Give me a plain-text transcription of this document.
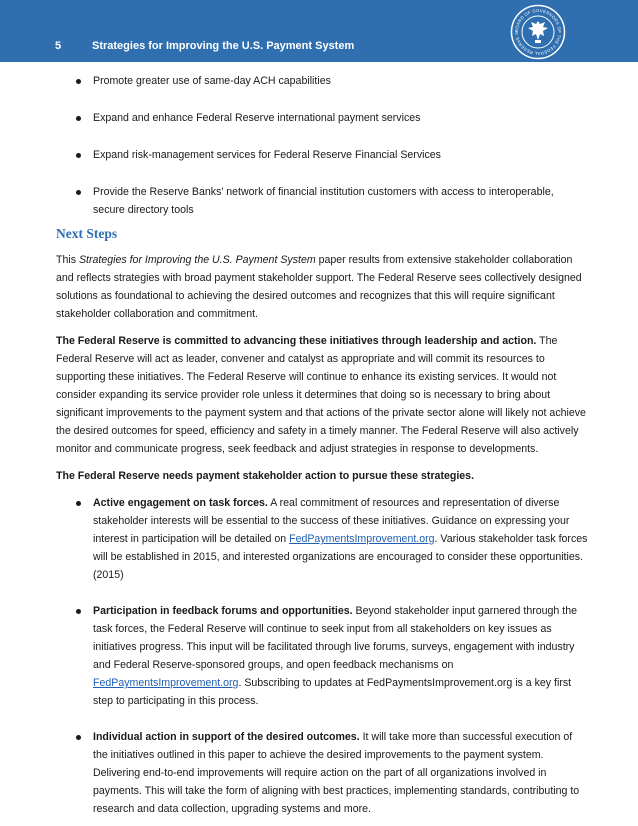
5	Strategies for Improving the U.S. Payment System
BOARD OF GOVERNORS OF THE FEDERAL RESERVE S
Promote greater use of same-day ACH capabilities
Expand and enhance Federal Reserve international payment services
Expand risk-management services for Federal Reserve Financial Services
Provide the Reserve Banks’ network of financial institution customers with access to interoperable, secure directory tools
Next Steps

This Strategies for Improving the U.S. Payment System paper results from extensive stakeholder collaboration and reflects strategies with broad payment stakeholder support. The Federal Reserve sees collectively designed solutions as foundational to achieving the desired outcomes and recognizes that this will require significant stakeholder collaboration and commitment.

The Federal Reserve is committed to advancing these initiatives through leadership and action. The Federal Reserve will act as leader, convener and catalyst as appropriate and will commit its resources to supporting these initiatives. The Federal Reserve will continue to enhance its existing services. It would not consider expanding its service provider role unless it determines that doing so is necessary to bring about significant improvements to the payment system and that actions of the private sector alone will likely not achieve the desired outcomes for speed, efficiency and safety in a timely manner. The Federal Reserve will also actively monitor and communicate progress, seek feedback and adjust strategies in response to developments.

The Federal Reserve needs payment stakeholder action to pursue these strategies.

Active engagement on task forces. A real commitment of resources and representation of diverse stakeholder interests will be essential to the success of these initiatives. Guidance on expressing your interest in participation will be detailed on FedPaymentsImprovement.org. Various stakeholder task forces will be established in 2015, and interested organizations are encouraged to consider these opportunities. (2015)
Participation in feedback forums and opportunities. Beyond stakeholder input garnered through the task forces, the Federal Reserve will continue to seek input from all stakeholders on key issues as initiatives progress. This input will be facilitated through live forums, surveys, engagement with industry and Federal Reserve-sponsored groups, and open feedback mechanisms on FedPaymentsImprovement.org. Subscribing to updates at FedPaymentsImprovement.org is a key first step to participating in this process.
Individual action in support of the desired outcomes. It will take more than successful execution of the initiatives outlined in this paper to achieve the desired improvements to the payment system. Delivering end-to-end improvements will require action on the part of all organizations involved in payments. This will take the form of aligning with best practices, implementing standards, contributing to research and data collection, upgrading systems and more.
